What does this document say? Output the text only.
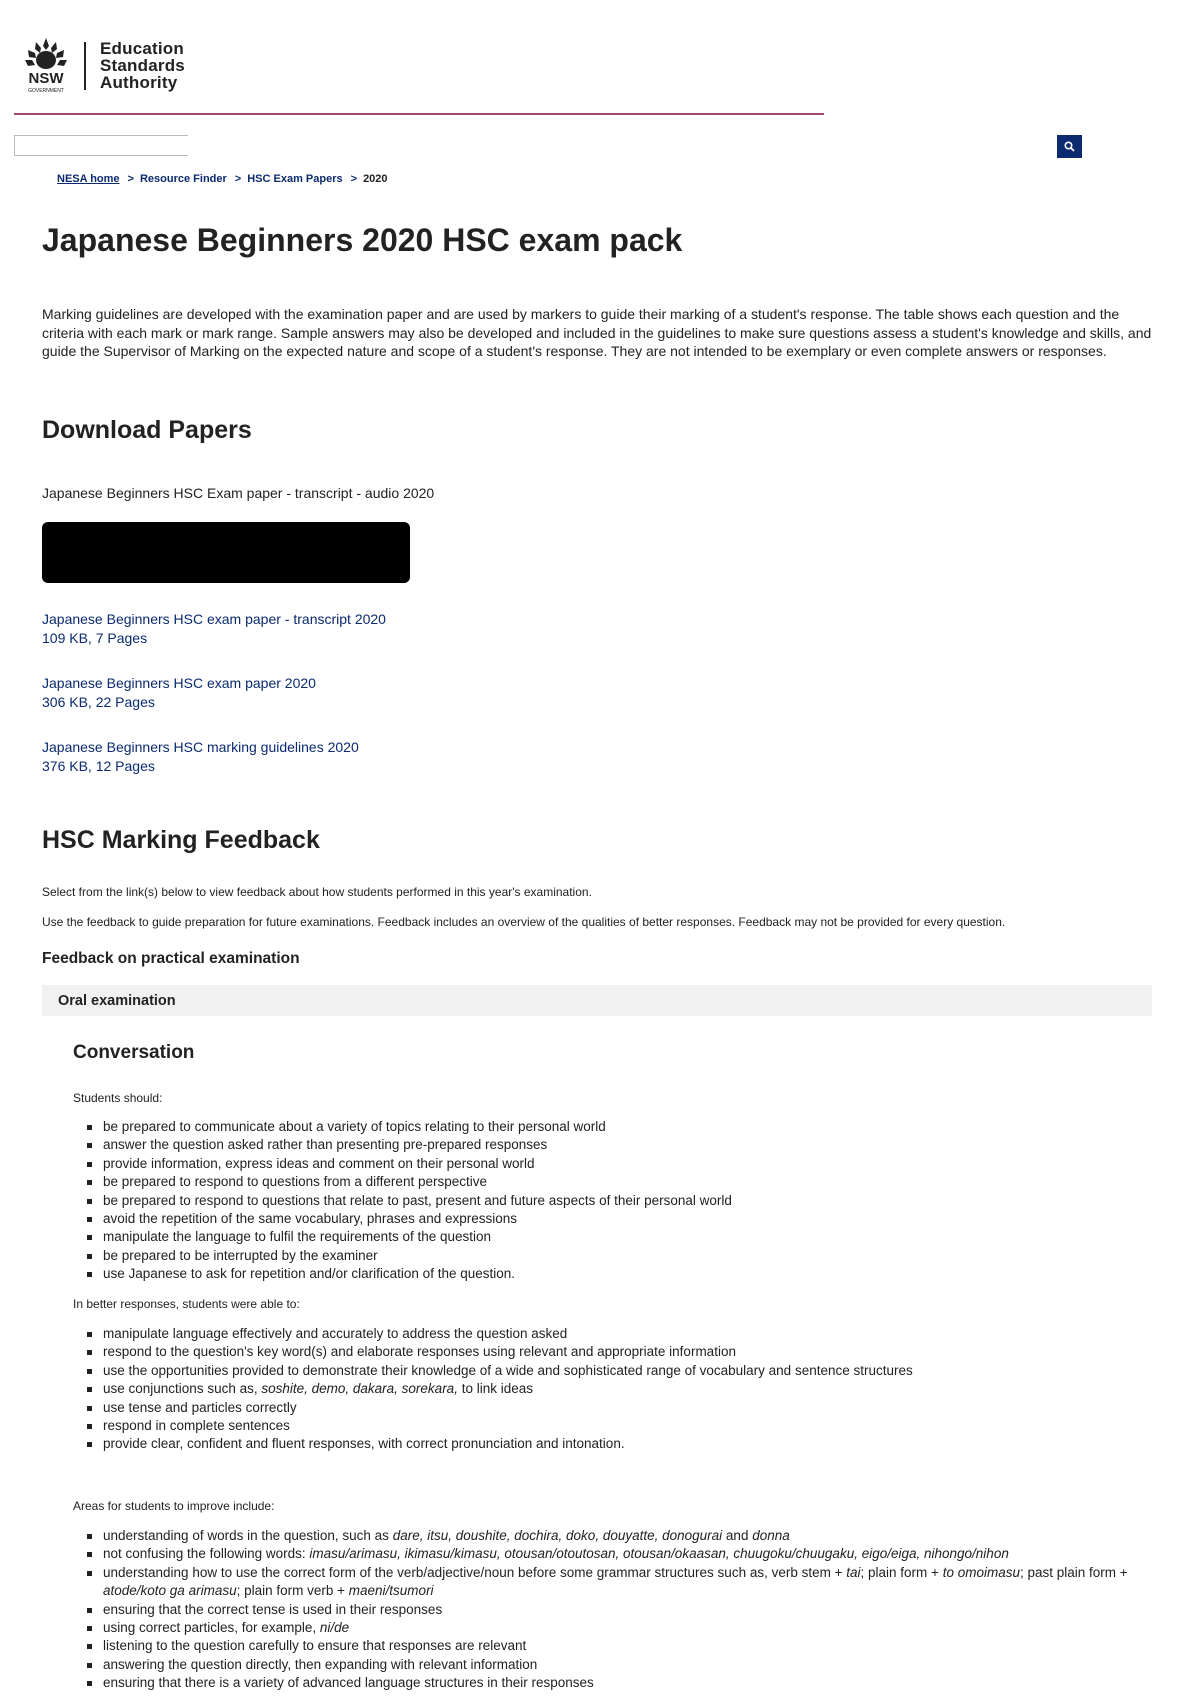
NSW
GOVERNMENT
Education
Standards
Authority
NESA home > Resource Finder > HSC Exam Papers > 2020
Japanese Beginners 2020 HSC exam pack

Marking guidelines are developed with the examination paper and are used by markers to guide their marking of a student's response. The table shows each question and the criteria with each mark or mark range. Sample answers may also be developed and included in the guidelines to make sure questions assess a student's knowledge and skills, and guide the Supervisor of Marking on the expected nature and scope of a student's response. They are not intended to be exemplary or even complete answers or responses.

Download Papers
Japanese Beginners HSC Exam paper - transcript - audio 2020
Japanese Beginners HSC exam paper - transcript 2020
109 KB, 7 Pages
Japanese Beginners HSC exam paper 2020
306 KB, 22 Pages
Japanese Beginners HSC marking guidelines 2020
376 KB, 12 Pages
HSC Marking Feedback
Select from the link(s) below to view feedback about how students performed in this year's examination.
Use the feedback to guide preparation for future examinations. Feedback includes an overview of the qualities of better responses. Feedback may not be provided for every question.
Feedback on practical examination
Oral examination
Conversation
Students should:
be prepared to communicate about a variety of topics relating to their personal world
answer the question asked rather than presenting pre-prepared responses
provide information, express ideas and comment on their personal world
be prepared to respond to questions from a different perspective
be prepared to respond to questions that relate to past, present and future aspects of their personal world
avoid the repetition of the same vocabulary, phrases and expressions
manipulate the language to fulfil the requirements of the question
be prepared to be interrupted by the examiner
use Japanese to ask for repetition and/or clarification of the question.
In better responses, students were able to:
manipulate language effectively and accurately to address the question asked
respond to the question's key word(s) and elaborate responses using relevant and appropriate information
use the opportunities provided to demonstrate their knowledge of a wide and sophisticated range of vocabulary and sentence structures
use conjunctions such as, soshite, demo, dakara, sorekara, to link ideas
use tense and particles correctly
respond in complete sentences
provide clear, confident and fluent responses, with correct pronunciation and intonation.
Areas for students to improve include:
understanding of words in the question, such as dare, itsu, doushite, dochira, doko, douyatte, donogurai and donna
not confusing the following words: imasu/arimasu, ikimasu/kimasu, otousan/otoutosan, otousan/okaasan, chuugoku/chuugaku, eigo/eiga, nihongo/nihon
understanding how to use the correct form of the verb/adjective/noun before some grammar structures such as, verb stem + tai; plain form + to omoimasu; past plain form + atode/koto ga arimasu; plain form verb + maeni/tsumori
ensuring that the correct tense is used in their responses
using correct particles, for example, ni/de
listening to the question carefully to ensure that responses are relevant
answering the question directly, then expanding with relevant information
ensuring that there is a variety of advanced language structures in their responses
